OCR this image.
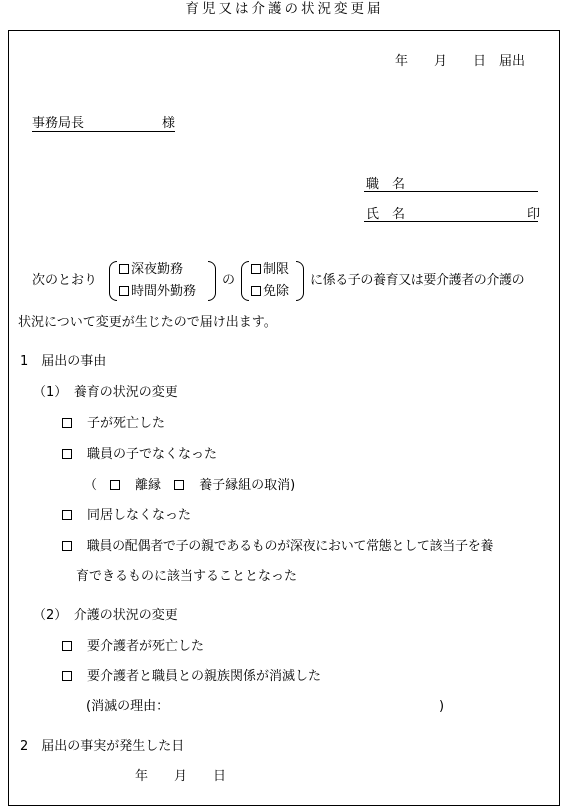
育児又は介護の状況変更届
年　　月　　日　届出
事務局長　　　　　　様
職　名
氏　名	印
次のとおり
深夜勤務
時間外勤務
の
制限
免除
に係る子の養育又は要介護者の介護の
状況について変更が生じたので届け出ます。
1　届出の事由
（1）　養育の状況の変更
　子が死亡した
　職員の子でなくなった
（　　	離縁　　	養子縁組の取消)
　同居しなくなった
　職員の配偶者で子の親であるものが深夜において常態として該当子を養
育できるものに該当することとなった
（2）　介護の状況の変更
　要介護者が死亡した
　要介護者と職員との親族関係が消滅した
(消滅の理由：	)
2　届出の事実が発生した日
年　　月　　日
